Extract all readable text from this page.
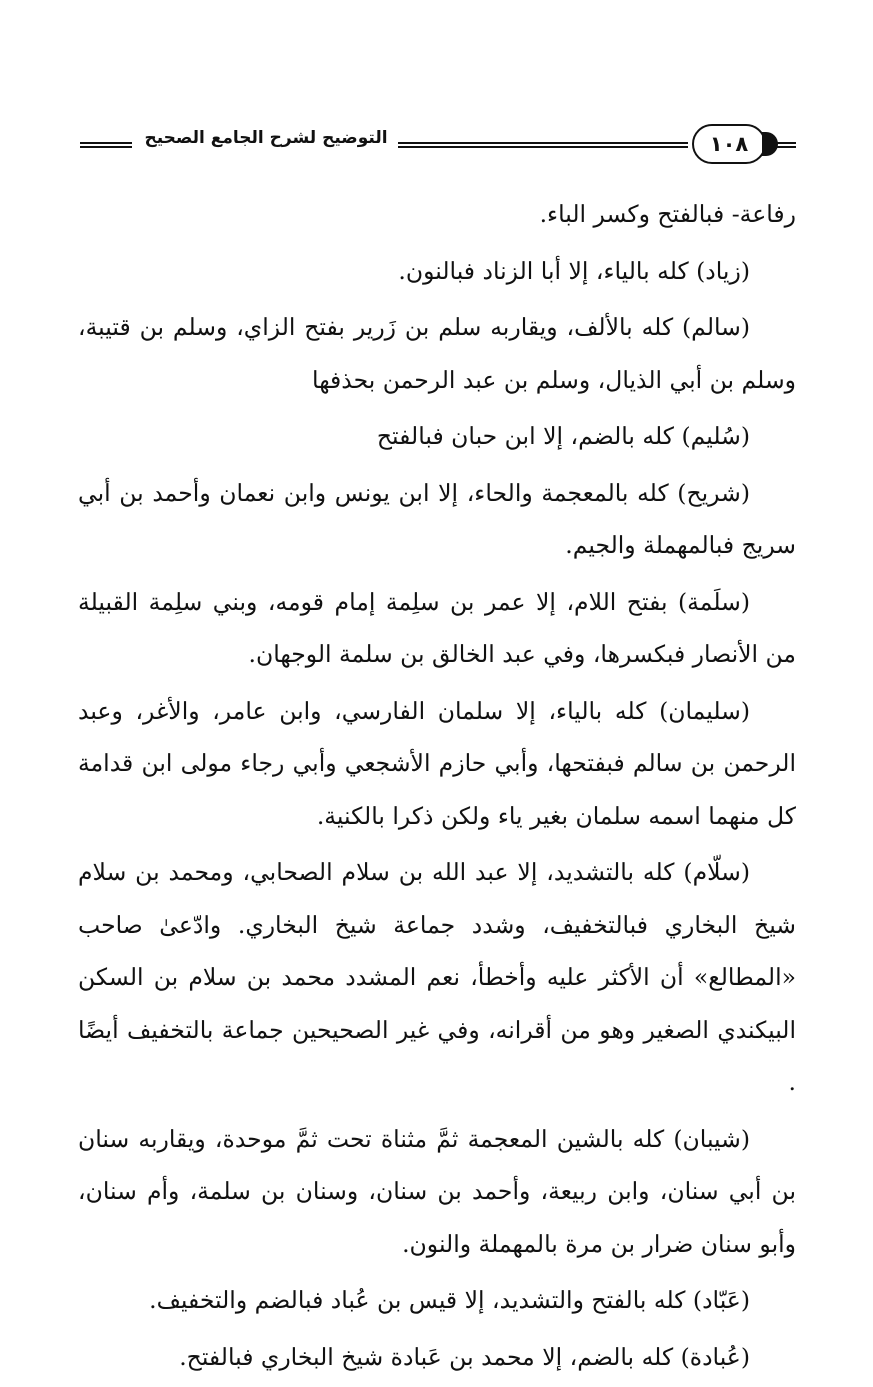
التوضيح لشرح الجامع الصحيح	١٠٨

رفاعة- فبالفتح وكسر الباء.

(زياد) كله بالياء، إلا أبا الزناد فبالنون.

(سالم) كله بالألف، ويقاربه سلم بن زَرير بفتح الزاي، وسلم بن قتيبة، وسلم بن أبي الذيال، وسلم بن عبد الرحمن بحذفها

(سُليم) كله بالضم، إلا ابن حبان فبالفتح

(شريح) كله بالمعجمة والحاء، إلا ابن يونس وابن نعمان وأحمد بن أبي سريج فبالمهملة والجيم.

(سلَمة) بفتح اللام، إلا عمر بن سلِمة إمام قومه، وبني سلِمة القبيلة من الأنصار فبكسرها، وفي عبد الخالق بن سلمة الوجهان.

(سليمان) كله بالياء، إلا سلمان الفارسي، وابن عامر، والأغر، وعبد الرحمن بن سالم فبفتحها، وأبي حازم الأشجعي وأبي رجاء مولى ابن قدامة كل منهما اسمه سلمان بغير ياء ولكن ذكرا بالكنية.

(سلّام) كله بالتشديد، إلا عبد الله بن سلام الصحابي، ومحمد بن سلام شيخ البخاري فبالتخفيف، وشدد جماعة شيخ البخاري. وادّعىٰ صاحب «المطالع» أن الأكثر عليه وأخطأ، نعم المشدد محمد بن سلام بن السكن البيكندي الصغير وهو من أقرانه، وفي غير الصحيحين جماعة بالتخفيف أيضًا .

(شيبان) كله بالشين المعجمة ثمَّ مثناة تحت ثمَّ موحدة، ويقاربه سنان بن أبي سنان، وابن ربيعة، وأحمد بن سنان، وسنان بن سلمة، وأم سنان، وأبو سنان ضرار بن مرة بالمهملة والنون.

(عَبّاد) كله بالفتح والتشديد، إلا قيس بن عُباد فبالضم والتخفيف.

(عُبادة) كله بالضم، إلا محمد بن عَبادة شيخ البخاري فبالفتح.
